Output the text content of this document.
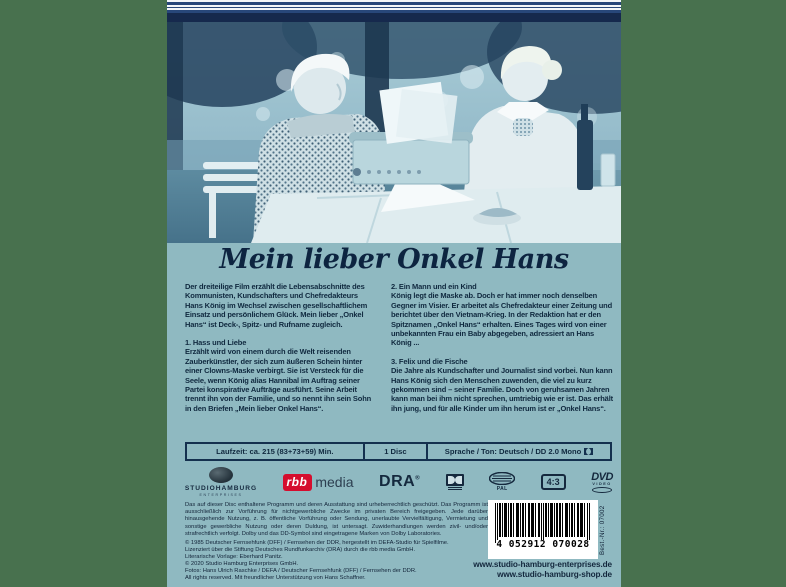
Mein lieber Onkel Hans

Der dreiteilige Film erzählt die Lebensabschnitte des Kommunisten, Kundschafters und Chefredakteurs Hans König im Wechsel zwischen gesellschaftlichem Einsatz und persönlichem Glück. Mein lieber „Onkel Hans“ ist Deck-, Spitz- und Rufname zugleich.

1. Hass und Liebe

Erzählt wird von einem durch die Welt reisenden Zauberkünstler, der sich zum äußeren Schein hinter einer Clowns-Maske verbirgt. Sie ist Versteck für die Seele, wenn König alias Hannibal im Auftrag seiner Partei konspirative Aufträge ausführt. Seine Arbeit trennt ihn von der Familie, und so nennt ihn sein Sohn in den Briefen „Mein lieber Onkel Hans“.

2. Ein Mann und ein Kind

König legt die Maske ab. Doch er hat immer noch denselben Gegner im Visier. Er arbeitet als Chefredakteur einer Zeitung und berichtet über den Vietnam-Krieg. In der Redaktion hat er den Spitznamen „Onkel Hans“ erhalten. Eines Tages wird von einer unbekannten Frau ein Baby abgegeben, adressiert an Hans König ...

3. Felix und die Fische

Die Jahre als Kundschafter und Journalist sind vorbei. Nun kann Hans König sich den Menschen zuwenden, die viel zu kurz gekommen sind – seiner Familie. Doch von geruhsamen Jahren kann man bei ihm nicht sprechen, umtriebig wie er ist. Das erhält ihn jung, und für alle Kinder um ihn herum ist er „Onkel Hans“.

Laufzeit: ca. 215 (83+73+59) Min.	1 Disc	Sprache / Ton: Deutsch / DD 2.0 Mono
STUDIOHAMBURG
ENTERPRISES
rbb media DRA®
PAL
4:3	DVD
VIDEO

Das auf dieser Disc enthaltene Programm und deren Ausstattung sind urheberrechtlich geschützt. Das Programm ist ausschließlich zur Vorführung für nichtgewerbliche Zwecke im privaten Bereich freigegeben. Jede darüber hinausgehende Nutzung, z. B. öffentliche Vorführung oder Sendung, unerlaubte Vervielfältigung, Vermietung und sonstige gewerbliche Nutzung oder deren Duldung, ist untersagt. Zuwiderhandlungen werden zivil- und/oder strafrechtlich verfolgt. Dolby und das DD-Symbol sind eingetragene Marken von Dolby Laboratories.

© 1985 Deutscher Fernsehfunk (DFF) / Fernsehen der DDR, hergestellt im DEFA-Studio für Spielfilme.
Lizenziert über die Stiftung Deutsches Rundfunkarchiv (DRA) durch die rbb media GmbH.
Literarische Vorlage: Eberhard Panitz.
© 2020 Studio Hamburg Enterprises GmbH.
Fotos: Hans Ulrich Raschke / DEFA / Deutscher Fernsehfunk (DFF) / Fernsehen der DDR.
All rights reserved. Mit freundlicher Unterstützung von Hans Schaffner.
4 052912 070028 Best.-Nr.: 07002
www.studio-hamburg-enterprises.de
www.studio-hamburg-shop.de
